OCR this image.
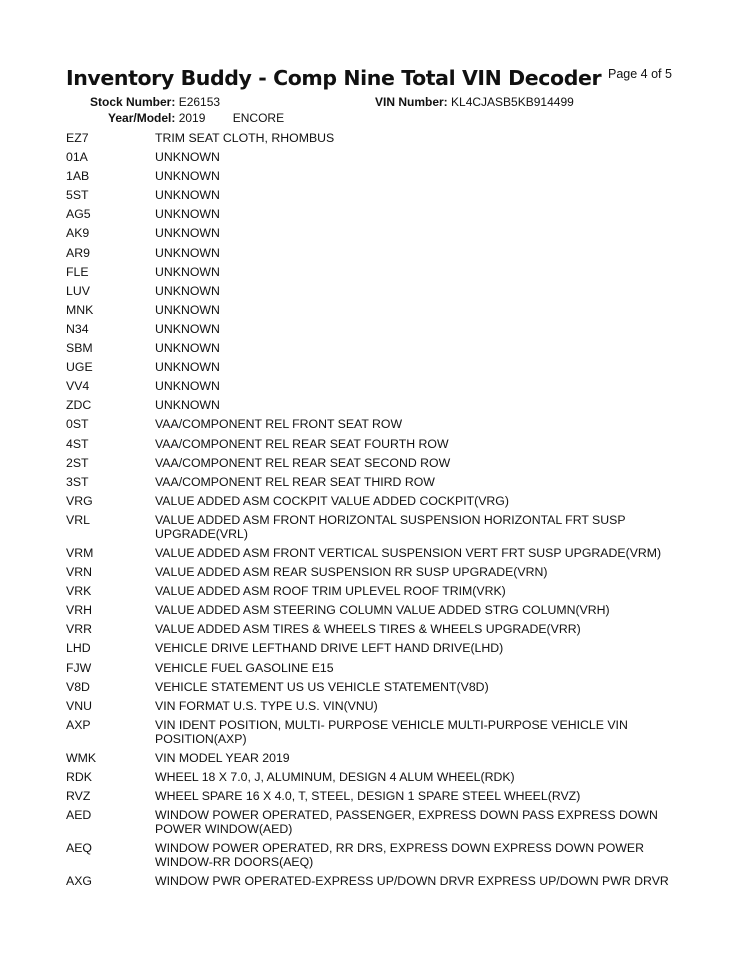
Inventory Buddy - Comp Nine Total VIN Decoder Page 4 of 5
Stock Number: E26153	VIN Number: KL4CJASB5KB914499
Year/Model: 2019 ENCORE
EZ7	TRIM SEAT CLOTH, RHOMBUS
01A	UNKNOWN
1AB	UNKNOWN
5ST	UNKNOWN
AG5	UNKNOWN
AK9	UNKNOWN
AR9	UNKNOWN
FLE	UNKNOWN
LUV	UNKNOWN
MNK	UNKNOWN
N34	UNKNOWN
SBM	UNKNOWN
UGE	UNKNOWN
VV4	UNKNOWN
ZDC	UNKNOWN
0ST	VAA/COMPONENT REL FRONT SEAT ROW
4ST	VAA/COMPONENT REL REAR SEAT FOURTH ROW
2ST	VAA/COMPONENT REL REAR SEAT SECOND ROW
3ST	VAA/COMPONENT REL REAR SEAT THIRD ROW
VRG	VALUE ADDED ASM COCKPIT VALUE ADDED COCKPIT(VRG)
VRL	VALUE ADDED ASM FRONT HORIZONTAL SUSPENSION HORIZONTAL FRT SUSP UPGRADE(VRL)
VRM	VALUE ADDED ASM FRONT VERTICAL SUSPENSION VERT FRT SUSP UPGRADE(VRM)
VRN	VALUE ADDED ASM REAR SUSPENSION RR SUSP UPGRADE(VRN)
VRK	VALUE ADDED ASM ROOF TRIM UPLEVEL ROOF TRIM(VRK)
VRH	VALUE ADDED ASM STEERING COLUMN VALUE ADDED STRG COLUMN(VRH)
VRR	VALUE ADDED ASM TIRES & WHEELS TIRES & WHEELS UPGRADE(VRR)
LHD	VEHICLE DRIVE LEFTHAND DRIVE LEFT HAND DRIVE(LHD)
FJW	VEHICLE FUEL GASOLINE E15
V8D	VEHICLE STATEMENT US US VEHICLE STATEMENT(V8D)
VNU	VIN FORMAT U.S. TYPE U.S. VIN(VNU)
AXP	VIN IDENT POSITION, MULTI- PURPOSE VEHICLE MULTI-PURPOSE VEHICLE VIN POSITION(AXP)
WMK	VIN MODEL YEAR 2019
RDK	WHEEL 18 X 7.0, J, ALUMINUM, DESIGN 4 ALUM WHEEL(RDK)
RVZ	WHEEL SPARE 16 X 4.0, T, STEEL, DESIGN 1 SPARE STEEL WHEEL(RVZ)
AED	WINDOW POWER OPERATED, PASSENGER, EXPRESS DOWN PASS EXPRESS DOWN POWER WINDOW(AED)
AEQ	WINDOW POWER OPERATED, RR DRS, EXPRESS DOWN EXPRESS DOWN POWER WINDOW-RR DOORS(AEQ)
AXG	WINDOW PWR OPERATED-EXPRESS UP/DOWN DRVR EXPRESS UP/DOWN PWR DRVR
